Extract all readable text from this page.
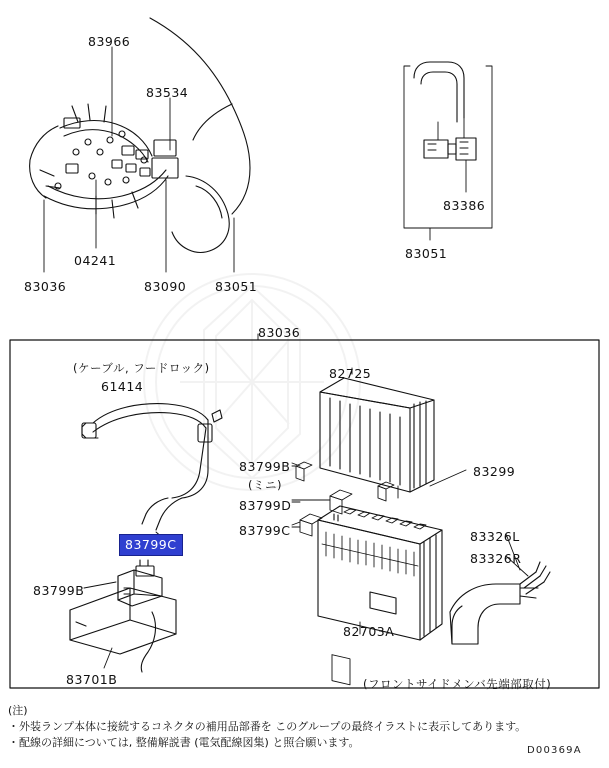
83966
83534
04241
83036	83090 83051
83386
83051
83036
(ケーブル, フードロック)
61414
82725
83799B
(ミニ)
83799D
83799C
83299
83326L
83326R
83799B
83701B
82703A
(フロントサイドメンバ先端部取付)
83799C
(注)
・外装ランプ本体に接続するコネクタの補用品部番を このグループの最終イラストに表示してあります。
・配線の詳細については, 整備解説書 (電気配線図集) と照合願います。
D00369A
